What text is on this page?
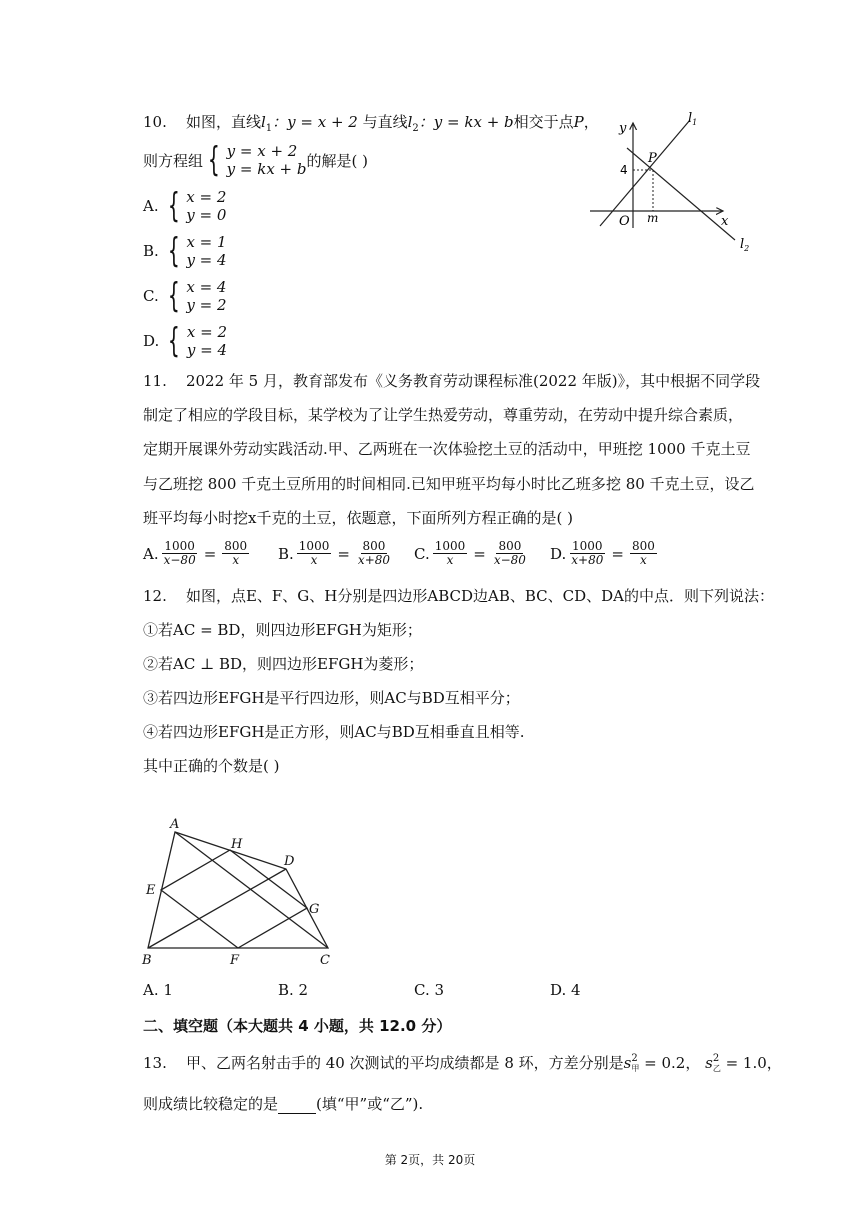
10. 如图，直线$l_1$：y = x + 2 与直线$l_2$：y = kx + b相交于点P，
则方程组 { y = x + 2
y = kx + b 的解是( )
A. { x = 2
y = 0
B. { x = 1
y = 4
C. { x = 4
y = 2
D. { x = 2
y = 4
y
x
$l_1$
$l_2$
P
4
O m
11. 2022 年 5 月，教育部发布《义务教育劳动课程标准(2022 年版)》，其中根据不同学段
制定了相应的学段目标，某学校为了让学生热爱劳动，尊重劳动，在劳动中提升综合素质，
定期开展课外劳动实践活动.甲、乙两班在一次体验挖土豆的活动中，甲班挖 1000 千克土豆
与乙班挖 800 千克土豆所用的时间相同.已知甲班平均每小时比乙班多挖 80 千克土豆，设乙
班平均每小时挖x千克的土豆，依题意，下面所列方程正确的是( )
A. $\frac{1000}{x-80} = \frac{800}{x} B$. $\frac{1000}{x} = \frac{800}{x+80} C$. $\frac{1000}{x} = \frac{800}{x-80} D$. $\frac{1000}{x+80} = \frac{800}{x}$
12. 如图，点E、F、G、H分别是四边形ABCD边AB、BC、CD、DA的中点．则下列说法：
①若AC = BD，则四边形EFGH为矩形；
②若AC ⊥ BD，则四边形EFGH为菱形；
③若四边形EFGH是平行四边形，则AC与BD互相平分；
④若四边形EFGH是正方形，则AC与BD互相垂直且相等.
其中正确的个数是( )
A
B	C
D
E
F
G
H
A. 1	B. 2	C. 3	D. 4
二、填空题（本大题共 4 小题，共 12.0 分）
13. 甲、乙两名射击手的 40 次测试的平均成绩都是 8 环，方差分别是s 2
甲 = 0.2， s 2
乙 = 1.0，
则成绩比较稳定的是	(填“甲”或“乙”).
第 2页，共 20页
